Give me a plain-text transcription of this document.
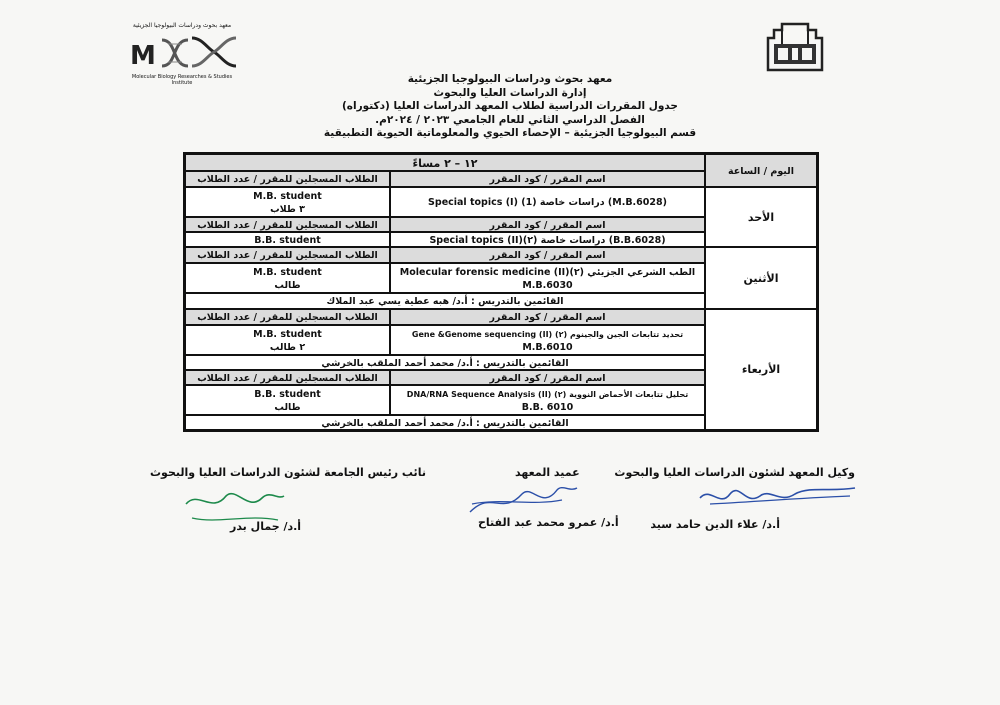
معهد بحوث ودراسات البيولوجيا الجزيئية
M
Molecular Biology Researches & Studies Institute	معهد بحوث ودراسات البيولوجيا الجزيئية
إدارة الدراسات العليا والبحوث
جدول المقررات الدراسية لطلاب المعهد الدراسات العليا (دكتوراه)
الفصل الدراسي الثاني للعام الجامعي ٢٠٢٣ / ٢٠٢٤م.
قسم البيولوجيا الجزيئية – الإحصاء الحيوي والمعلوماتية الحيوية التطبيقية
اليوم / الساعة
١٢ – ٢ مساءً
الأحد
اسم المقرر / كود المقرر
الطلاب المسجلين للمقرر / عدد الطلاب
(M.B.6028) دراسات خاصة (1) Special topics (I)
M.B. student
٣ طلاب
اسم المقرر / كود المقرر
الطلاب المسجلين للمقرر / عدد الطلاب
(B.B.6028) دراسات خاصة (٢)(Special topics (II
B.B. student
الأثنين
اسم المقرر / كود المقرر
الطلاب المسجلين للمقرر / عدد الطلاب
الطب الشرعي الجزيئي (٢)(Molecular forensic medicine (II
M.B.6030
M.B. student
طالب
القائمين بالتدريس : أ.د/ هبه عطية يسي عبد الملاك
الأربعاء
اسم المقرر / كود المقرر
الطلاب المسجلين للمقرر / عدد الطلاب
تحديد تتابعات الجين والجينوم (٢) (Gene &Genome sequencing (II
M.B.6010
M.B. student
٢ طالب
القائمين بالتدريس : أ.د/ محمد أحمد الملقب بالخرشي
اسم المقرر / كود المقرر
الطلاب المسجلين للمقرر / عدد الطلاب
تحليل تتابعات الأحماض النووية (٢) (DNA/RNA Sequence Analysis (II
B.B. 6010
B.B. student
طالب
القائمين بالتدريس : أ.د/ محمد أحمد الملقب بالخرشي
وكيل المعهد لشئون الدراسات العليا والبحوث
أ.د/ علاء الدين حامد سيد
عميد المعهد
أ.د/ عمرو محمد عبد الفتاح
نائب رئيس الجامعة لشئون الدراسات العليا والبحوث
أ.د/ جمال بدر
